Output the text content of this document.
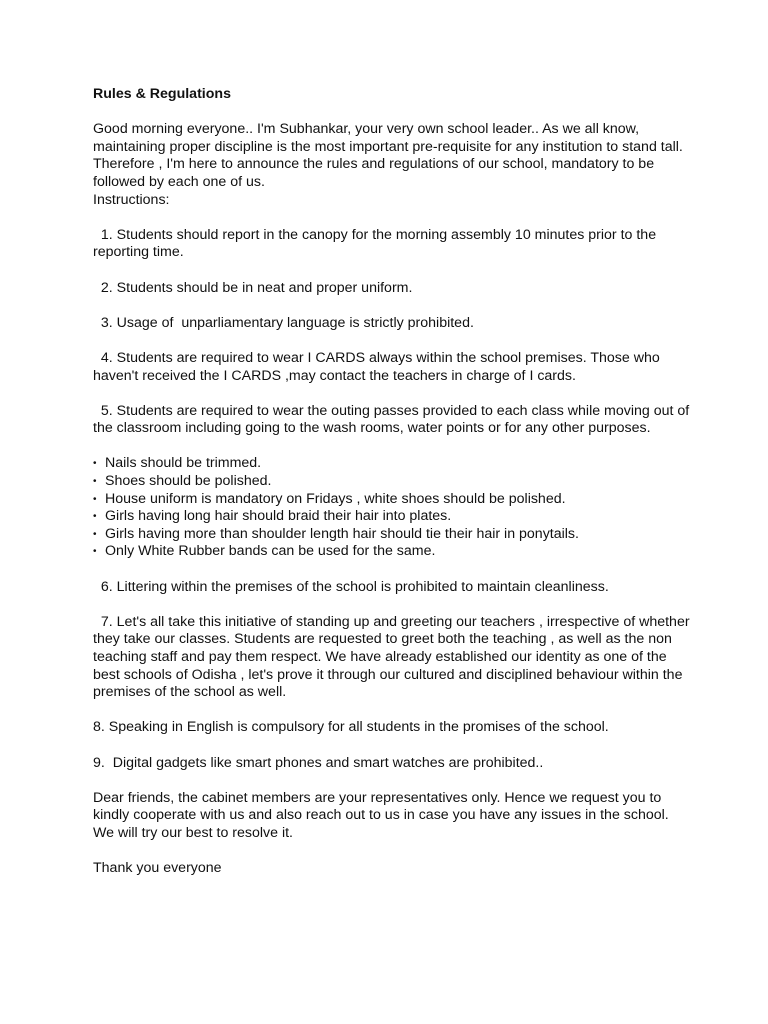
Rules & Regulations

Good morning everyone.. I'm Subhankar, your very own school leader.. As we all know, maintaining proper discipline is the most important pre-requisite for any institution to stand tall. Therefore , I'm here to announce the rules and regulations of our school, mandatory to be followed by each one of us.

Instructions:

1. Students should report in the canopy for the morning assembly 10 minutes prior to the reporting time.

2. Students should be in neat and proper uniform.

3. Usage of  unparliamentary language is strictly prohibited.

4. Students are required to wear I CARDS always within the school premises. Those who haven't received the I CARDS ,may contact the teachers in charge of I cards.

5. Students are required to wear the outing passes provided to each class while moving out of the classroom including going to the wash rooms, water points or for any other purposes.

• Nails should be trimmed.
• Shoes should be polished.
• House uniform is mandatory on Fridays , white shoes should be polished.
• Girls having long hair should braid their hair into plates.
• Girls having more than shoulder length hair should tie their hair in ponytails.
• Only White Rubber bands can be used for the same.

6. Littering within the premises of the school is prohibited to maintain cleanliness.

7. Let's all take this initiative of standing up and greeting our teachers , irrespective of whether they take our classes. Students are requested to greet both the teaching , as well as the non teaching staff and pay them respect. We have already established our identity as one of the best schools of Odisha , let's prove it through our cultured and disciplined behaviour within the premises of the school as well.

8. Speaking in English is compulsory for all students in the promises of the school.

9.  Digital gadgets like smart phones and smart watches are prohibited..

Dear friends, the cabinet members are your representatives only. Hence we request you to kindly cooperate with us and also reach out to us in case you have any issues in the school. We will try our best to resolve it.

Thank you everyone
